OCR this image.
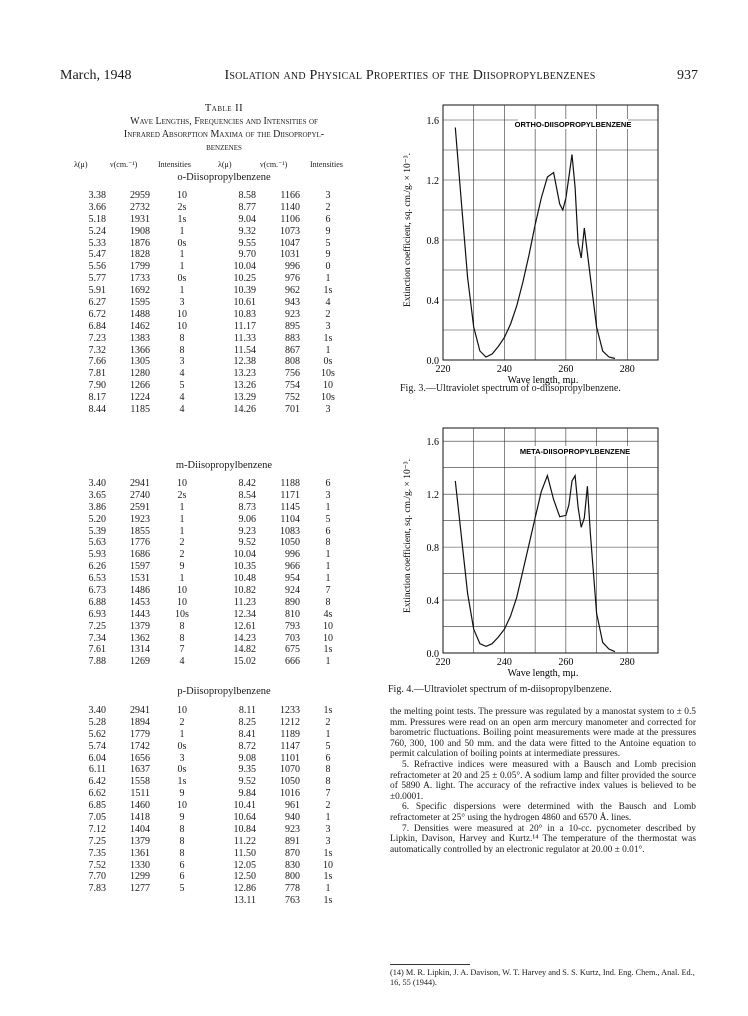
March, 1948	Isolation and Physical Properties of the Diisopropylbenzenes	937
Table II
Wave Lengths, Frequencies and Intensities of
Infrared Absorption Maxima of the Diisopropyl-
benzenes
λ(μ)	ν(cm.⁻¹)	Intensities	λ(μ)	ν(cm.⁻¹)	Intensities
o-Diisopropylbenzene
m-Diisopropylbenzene
p-Diisopropylbenzene
3.38	2959	10	8.58	1166	3
3.66	2732	2s	8.77	1140	2
5.18	1931	1s	9.04	1106	6
5.24	1908	1	9.32	1073	9
5.33	1876	0s	9.55	1047	5
5.47	1828	1	9.70	1031	9
5.56	1799	1	10.04	996	0
5.77	1733	0s	10.25	976	1
5.91	1692	1	10.39	962	1s
6.27	1595	3	10.61	943	4
6.72	1488	10	10.83	923	2
6.84	1462	10	11.17	895	3
7.23	1383	8	11.33	883	1s
7.32	1366	8	11.54	867	1
7.66	1305	3	12.38	808	0s
7.81	1280	4	13.23	756	10s
7.90	1266	5	13.26	754	10
8.17	1224	4	13.29	752	10s
8.44	1185	4	14.26	701	3
3.40	2941	10	8.42	1188	6
3.65	2740	2s	8.54	1171	3
3.86	2591	1	8.73	1145	1
5.20	1923	1	9.06	1104	5
5.39	1855	1	9.23	1083	6
5.63	1776	2	9.52	1050	8
5.93	1686	2	10.04	996	1
6.26	1597	9	10.35	966	1
6.53	1531	1	10.48	954	1
6.73	1486	10	10.82	924	7
6.88	1453	10	11.23	890	8
6.93	1443	10s	12.34	810	4s
7.25	1379	8	12.61	793	10
7.34	1362	8	14.23	703	10
7.61	1314	7	14.82	675	1s
7.88	1269	4	15.02	666	1
3.40	2941	10	8.11	1233	1s
5.28	1894	2	8.25	1212	2
5.62	1779	1	8.41	1189	1
5.74	1742	0s	8.72	1147	5
6.04	1656	3	9.08	1101	6
6.11	1637	0s	9.35	1070	8
6.42	1558	1s	9.52	1050	8
6.62	1511	9	9.84	1016	7
6.85	1460	10	10.41	961	2
7.05	1418	9	10.64	940	1
7.12	1404	8	10.84	923	3
7.25	1379	8	11.22	891	3
7.35	1361	8	11.50	870	1s
7.52	1330	6	12.05	830	10
7.70	1299	6	12.50	800	1s
7.83	1277	5	12.86	778	1
13.11	763	1s
0.0
0.4
0.8
1.2
1.6
220	240	260	280
ORTHO-DIISOPROPYLBENZENE
Wave length, mμ.
Extinction coefficient, sq. cm./g. × 10⁻³.
Fig. 3.—Ultraviolet spectrum of o-diisopropylbenzene.
0.0
0.4
0.8
1.2
1.6
220	240	260	280
META-DIISOPROPYLBENZENE
Wave length, mμ.
Extinction coefficient, sq. cm./g. × 10⁻³.
Fig. 4.—Ultraviolet spectrum of m-diisopropylbenzene.

the melting point tests. The pressure was regulated by a manostat system to ± 0.5 mm. Pressures were read on an open arm mercury manometer and corrected for barometric fluctuations. Boiling point measurements were made at the pressures 760, 300, 100 and 50 mm. and the data were fitted to the Antoine equation to permit calculation of boiling points at intermediate pressures.

5. Refractive indices were measured with a Bausch and Lomb precision refractometer at 20 and 25 ± 0.05°. A sodium lamp and filter provided the source of 5890 A. light. The accuracy of the refractive index values is believed to be ±0.0001.

6. Specific dispersions were determined with the Bausch and Lomb refractometer at 25° using the hydrogen 4860 and 6570 Å. lines.

7. Densities were measured at 20° in a 10-cc. pycnometer described by Lipkin, Davison, Harvey and Kurtz.¹⁴ The temperature of the thermostat was automatically controlled by an electronic regulator at 20.00 ± 0.01°.

(14) M. R. Lipkin, J. A. Davison, W. T. Harvey and S. S. Kurtz, Ind. Eng. Chem., Anal. Ed., 16, 55 (1944).
